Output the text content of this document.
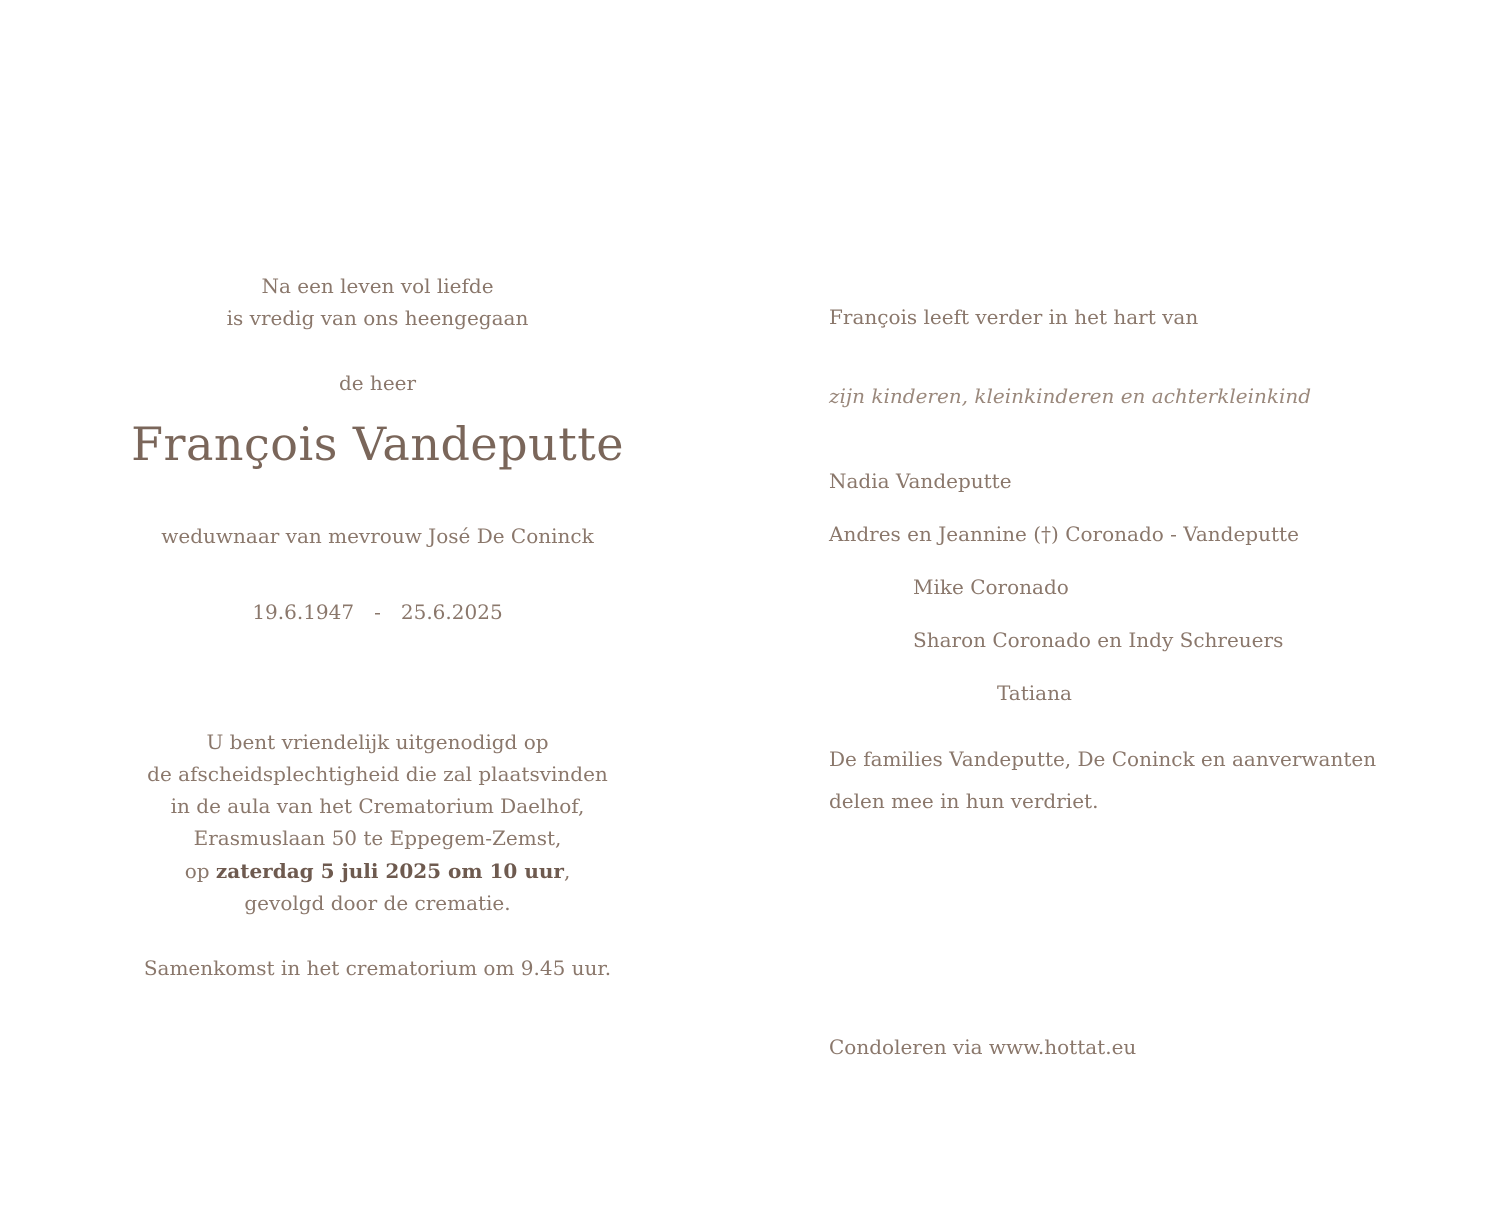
Na een leven vol liefde
is vredig van ons heengegaan
de heer
François Vandeputte
weduwnaar van mevrouw José De Coninck
19.6.1947 - 25.6.2025
U bent vriendelijk uitgenodigd op
de afscheidsplechtigheid die zal plaatsvinden
in de aula van het Crematorium Daelhof,
Erasmuslaan 50 te Eppegem-Zemst,
op zaterdag 5 juli 2025 om 10 uur,
gevolgd door de crematie.
Samenkomst in het crematorium om 9.45 uur.
François leeft verder in het hart van
zijn kinderen, kleinkinderen en achterkleinkind
Nadia Vandeputte
Andres en Jeannine (†) Coronado - Vandeputte
Mike Coronado
Sharon Coronado en Indy Schreuers
Tatiana
De families Vandeputte, De Coninck en aanverwanten
delen mee in hun verdriet.
Condoleren via www.hottat.eu
